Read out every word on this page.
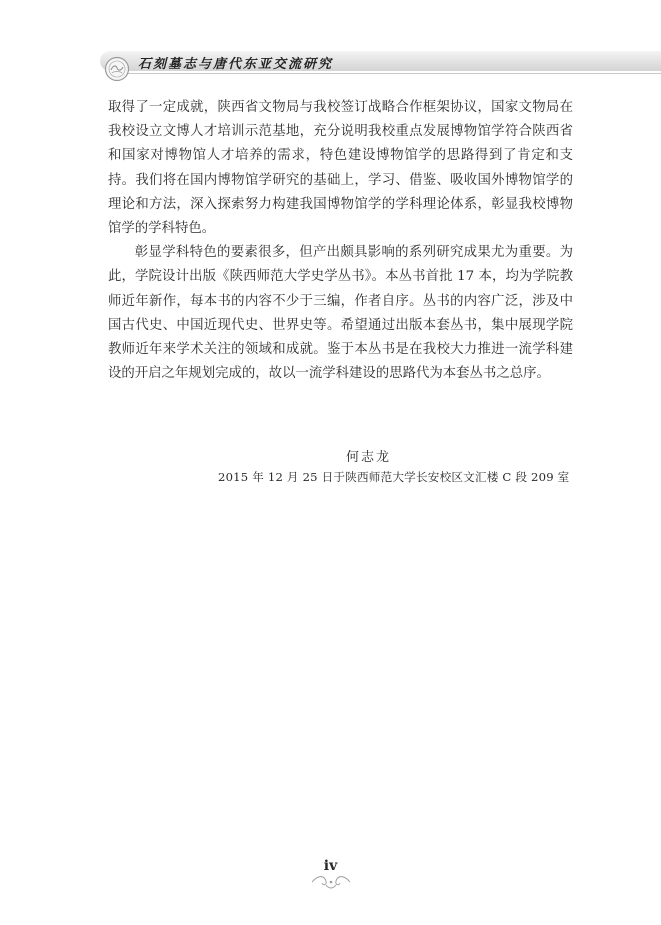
石刻墓志与唐代东亚交流研究

取得了一定成就，陕西省文物局与我校签订战略合作框架协议，国家文物局在我校设立文博人才培训示范基地，充分说明我校重点发展博物馆学符合陕西省和国家对博物馆人才培养的需求，特色建设博物馆学的思路得到了肯定和支持。我们将在国内博物馆学研究的基础上，学习、借鉴、吸收国外博物馆学的理论和方法，深入探索努力构建我国博物馆学的学科理论体系，彰显我校博物馆学的学科特色。

彰显学科特色的要素很多，但产出颇具影响的系列研究成果尤为重要。为此，学院设计出版《陕西师范大学史学丛书》。本丛书首批 17 本，均为学院教师近年新作，每本书的内容不少于三编，作者自序。丛书的内容广泛，涉及中国古代史、中国近现代史、世界史等。希望通过出版本套丛书，集中展现学院教师近年来学术关注的领域和成就。鉴于本丛书是在我校大力推进一流学科建设的开启之年规划完成的，故以一流学科建设的思路代为本套丛书之总序。

何志龙
2015 年 12 月 25 日于陕西师范大学长安校区文汇楼 C 段 209 室
iv
